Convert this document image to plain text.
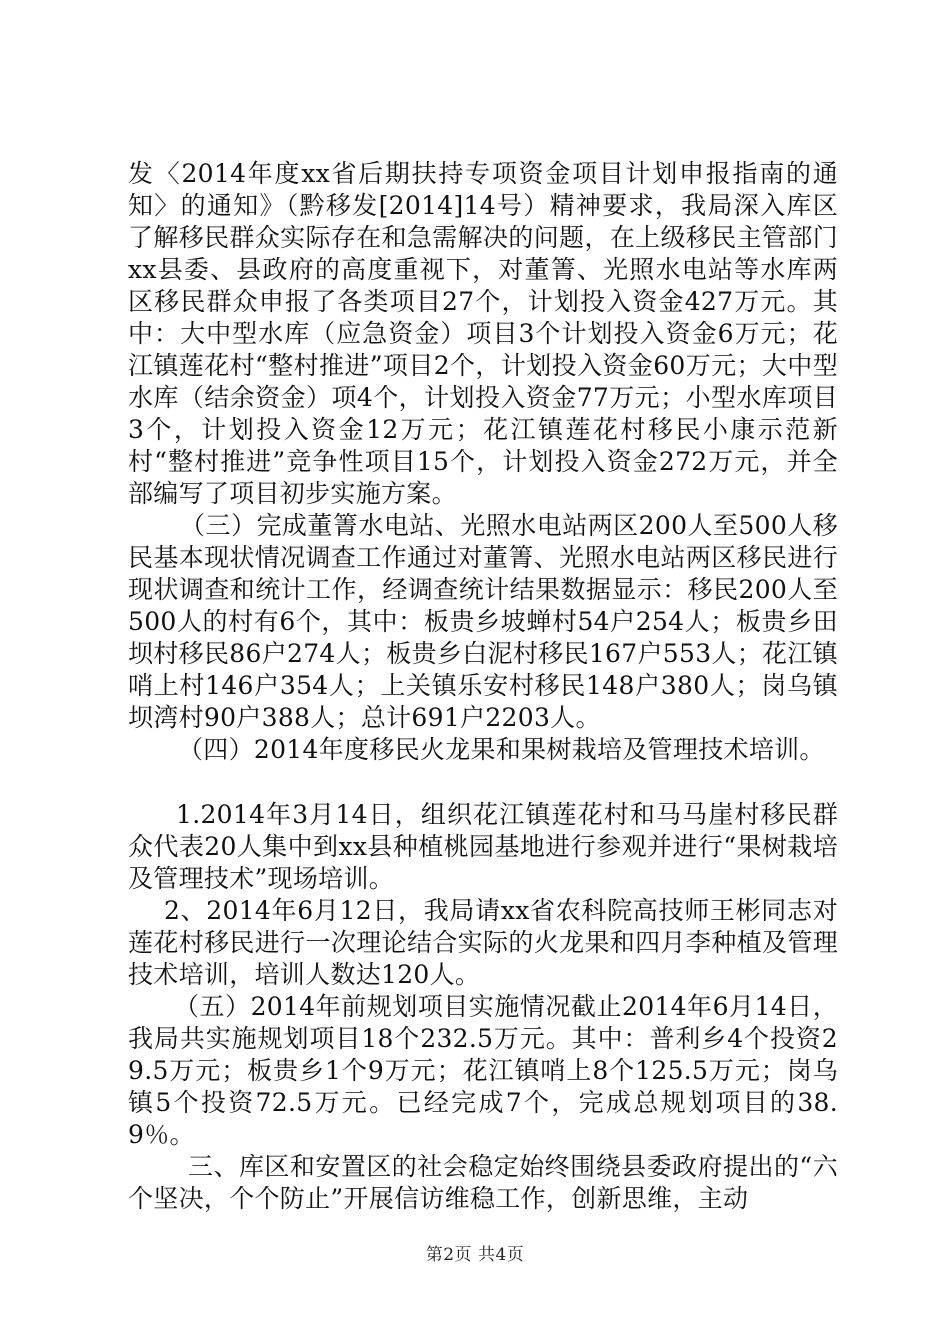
发〈2014年度xx省后期扶持专项资金项目计划申报指南的通知〉的通知》（黔移发[2014]14号）精神要求，我局深入库区了解移民群众实际存在和急需解决的问题，在上级移民主管部门xx县委、县政府的高度重视下，对董箐、光照水电站等水库两区移民群众申报了各类项目27个，计划投入资金427万元。其中：大中型水库（应急资金）项目3个计划投入资金6万元；花江镇莲花村“整村推进”项目2个，计划投入资金60万元；大中型水库（结余资金）项4个，计划投入资金77万元；小型水库项目3个，计划投入资金12万元；花江镇莲花村移民小康示范新村“整村推进”竞争性项目15个，计划投入资金272万元，并全部编写了项目初步实施方案。

（三）完成董箐水电站、光照水电站两区200人至500人移民基本现状情况调查工作通过对董箐、光照水电站两区移民进行现状调查和统计工作，经调查统计结果数据显示：移民200人至500人的村有6个，其中：板贵乡坡蝉村54户254人；板贵乡田坝村移民86户274人；板贵乡白泥村移民167户553人；花江镇哨上村146户354人；上关镇乐安村移民148户380人；岗乌镇坝湾村90户388人；总计691户2203人。

（四）2014年度移民火龙果和果树栽培及管理技术培训。

1.2014年3月14日，组织花江镇莲花村和马马崖村移民群众代表20人集中到xx县种植桃园基地进行参观并进行“果树栽培及管理技术”现场培训。

2、2014年6月12日，我局请xx省农科院高技师王彬同志对莲花村移民进行一次理论结合实际的火龙果和四月李种植及管理技术培训，培训人数达120人。

（五）2014年前规划项目实施情况截止2014年6月14日，我局共实施规划项目18个232.5万元。其中：普利乡4个投资29.5万元；板贵乡1个9万元；花江镇哨上8个125.5万元；岗乌镇5个投资72.5万元。已经完成7个，完成总规划项目的38.9％。

三、库区和安置区的社会稳定始终围绕县委政府提出的“六个坚决，个个防止”开展信访维稳工作，创新思维，主动

第2页 共4页
